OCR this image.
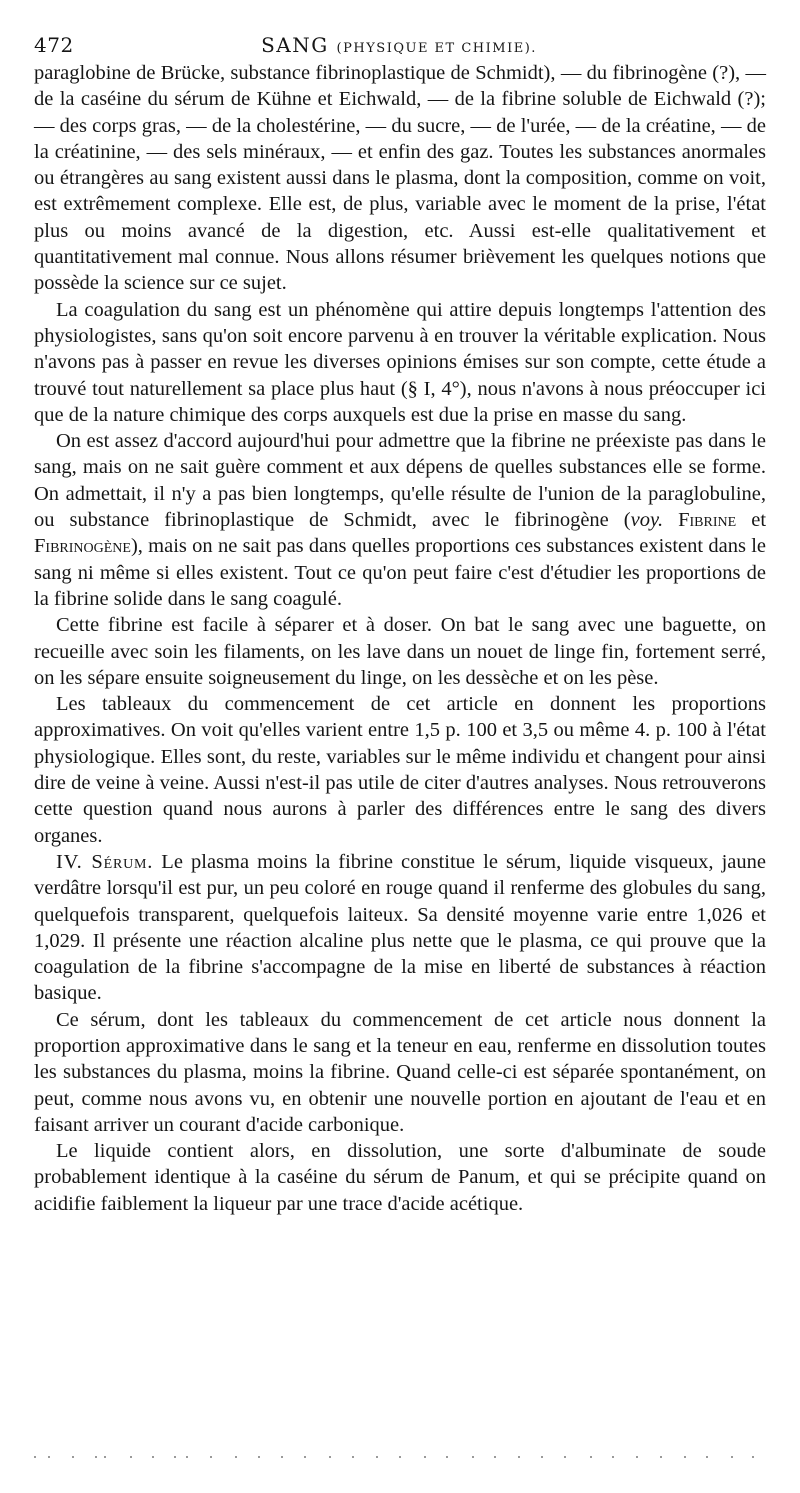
472	SANG (PHYSIQUE ET CHIMIE).

paraglobine de Brücke, substance fibrinoplastique de Schmidt), — du fibrinogène (?), — de la caséine du sérum de Kühne et Eichwald, — de la fibrine soluble de Eichwald (?); — des corps gras, — de la cholestérine, — du sucre, — de l'urée, — de la créatine, — de la créatinine, — des sels minéraux, — et enfin des gaz. Toutes les substances anormales ou étrangères au sang existent aussi dans le plasma, dont la composition, comme on voit, est extrêmement complexe. Elle est, de plus, variable avec le moment de la prise, l'état plus ou moins avancé de la digestion, etc. Aussi est-elle qualitativement et quantitativement mal connue. Nous allons résumer brièvement les quelques notions que possède la science sur ce sujet.

La coagulation du sang est un phénomène qui attire depuis longtemps l'attention des physiologistes, sans qu'on soit encore parvenu à en trouver la véritable explication. Nous n'avons pas à passer en revue les diverses opinions émises sur son compte, cette étude a trouvé tout naturellement sa place plus haut (§ I, 4°), nous n'avons à nous préoccuper ici que de la nature chimique des corps auxquels est due la prise en masse du sang.

On est assez d'accord aujourd'hui pour admettre que la fibrine ne préexiste pas dans le sang, mais on ne sait guère comment et aux dépens de quelles substances elle se forme. On admettait, il n'y a pas bien longtemps, qu'elle résulte de l'union de la paraglobuline, ou substance fibrinoplastique de Schmidt, avec le fibrinogène (voy. Fibrine et Fibrinogène), mais on ne sait pas dans quelles proportions ces substances existent dans le sang ni même si elles existent. Tout ce qu'on peut faire c'est d'étudier les proportions de la fibrine solide dans le sang coagulé.

Cette fibrine est facile à séparer et à doser. On bat le sang avec une baguette, on recueille avec soin les filaments, on les lave dans un nouet de linge fin, fortement serré, on les sépare ensuite soigneusement du linge, on les dessèche et on les pèse.

Les tableaux du commencement de cet article en donnent les proportions approximatives. On voit qu'elles varient entre 1,5 p. 100 et 3,5 ou même 4. p. 100 à l'état physiologique. Elles sont, du reste, variables sur le même individu et changent pour ainsi dire de veine à veine. Aussi n'est-il pas utile de citer d'autres analyses. Nous retrouverons cette question quand nous aurons à parler des différences entre le sang des divers organes.

IV. Sérum. Le plasma moins la fibrine constitue le sérum, liquide visqueux, jaune verdâtre lorsqu'il est pur, un peu coloré en rouge quand il renferme des globules du sang, quelquefois transparent, quelquefois laiteux. Sa densité moyenne varie entre 1,026 et 1,029. Il présente une réaction alcaline plus nette que le plasma, ce qui prouve que la coagulation de la fibrine s'accompagne de la mise en liberté de substances à réaction basique.

Ce sérum, dont les tableaux du commencement de cet article nous donnent la proportion approximative dans le sang et la teneur en eau, renferme en dissolution toutes les substances du plasma, moins la fibrine. Quand celle-ci est séparée spontanément, on peut, comme nous avons vu, en obtenir une nouvelle portion en ajoutant de l'eau et en faisant arriver un courant d'acide carbonique.

Le liquide contient alors, en dissolution, une sorte d'albuminate de soude probablement identique à la caséine du sérum de Panum, et qui se précipite quand on acidifie faiblement la liqueur par une trace d'acide acétique.
